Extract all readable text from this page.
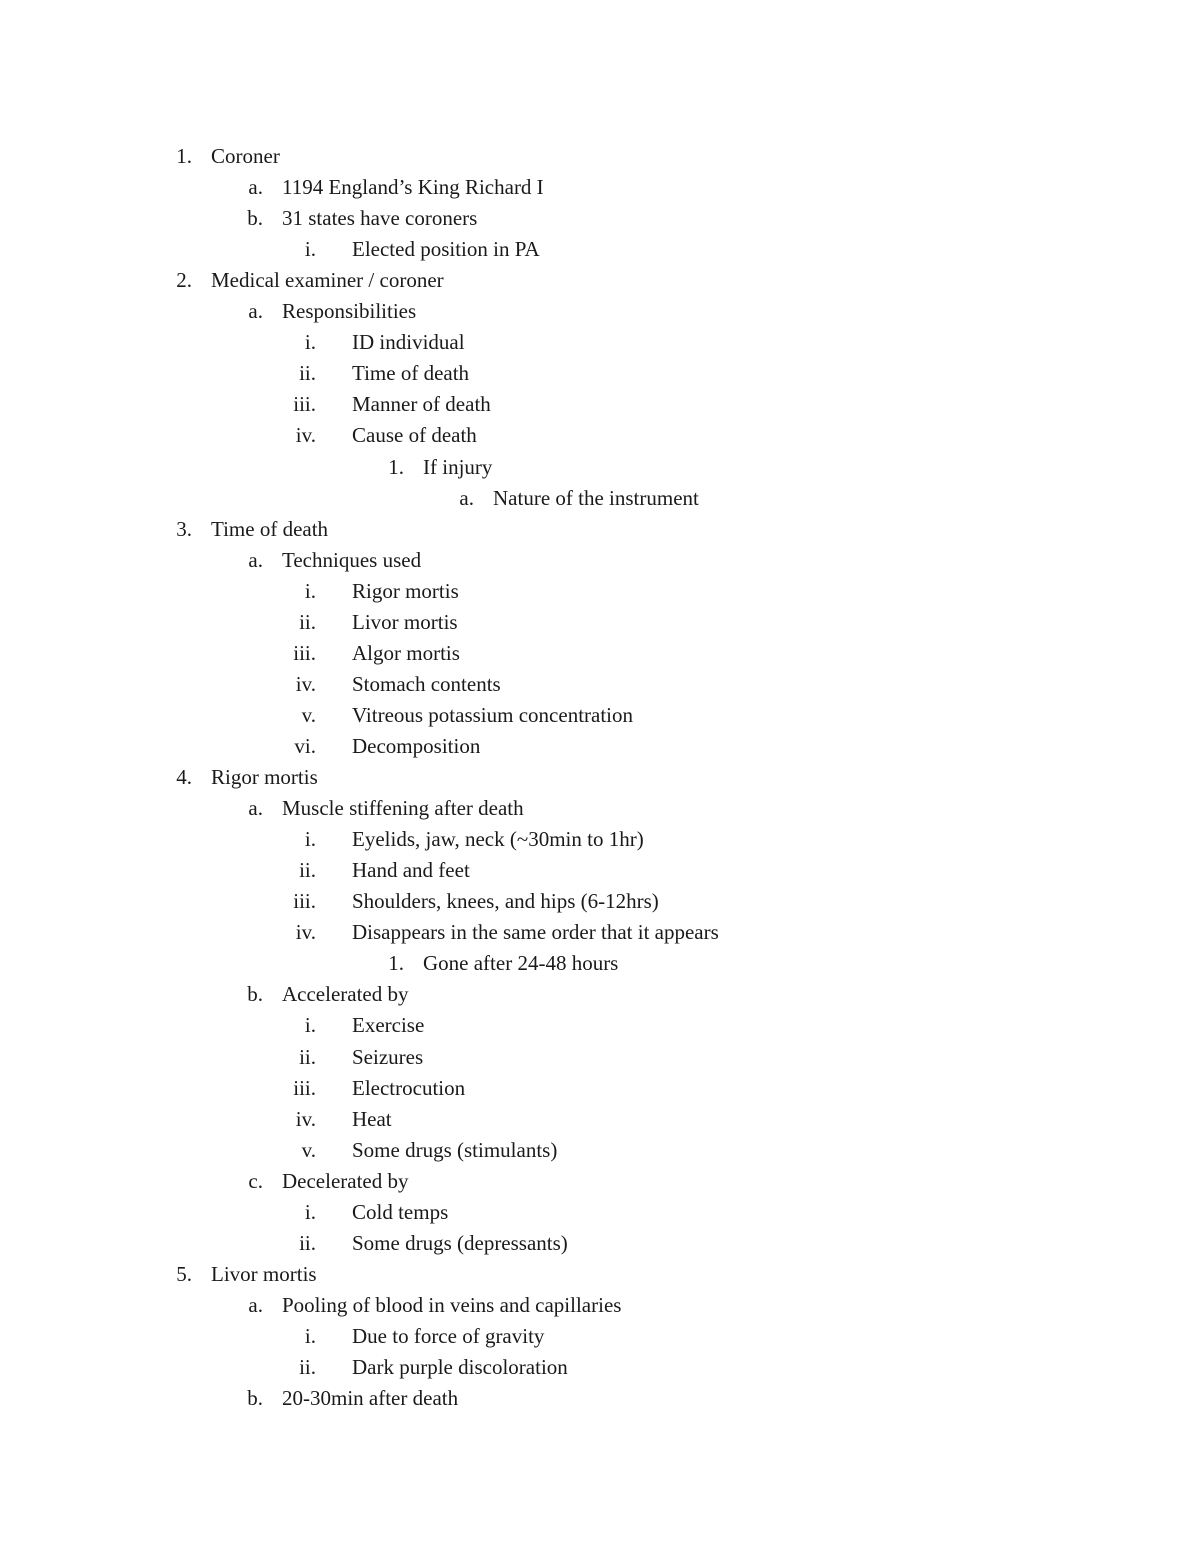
1. Coroner
a. 1194 England’s King Richard I
b. 31 states have coroners
i. Elected position in PA
2. Medical examiner / coroner
a. Responsibilities
i. ID individual
ii. Time of death
iii. Manner of death
iv. Cause of death
1. If injury
a. Nature of the instrument
3. Time of death
a. Techniques used
i. Rigor mortis
ii. Livor mortis
iii. Algor mortis
iv. Stomach contents
v. Vitreous potassium concentration
vi. Decomposition
4. Rigor mortis
a. Muscle stiffening after death
i. Eyelids, jaw, neck (~30min to 1hr)
ii. Hand and feet
iii. Shoulders, knees, and hips (6-12hrs)
iv. Disappears in the same order that it appears
1. Gone after 24-48 hours
b. Accelerated by
i. Exercise
ii. Seizures
iii. Electrocution
iv. Heat
v. Some drugs (stimulants)
c. Decelerated by
i. Cold temps
ii. Some drugs (depressants)
5. Livor mortis
a. Pooling of blood in veins and capillaries
i. Due to force of gravity
ii. Dark purple discoloration
b. 20-30min after death
